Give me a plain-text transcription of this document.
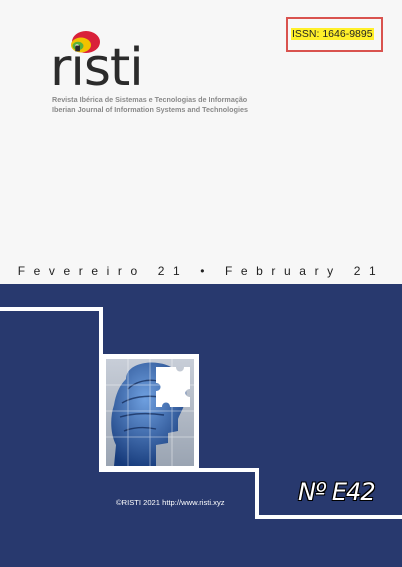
ISSN: 1646-9895
risti
Revista Ibérica de Sistemas e Tecnologias de Informação
Iberian Journal of Information Systems and Technologies
Fevereiro 21 • February 21
©RISTI 2021 http://www.risti.xyz	Nº E42
